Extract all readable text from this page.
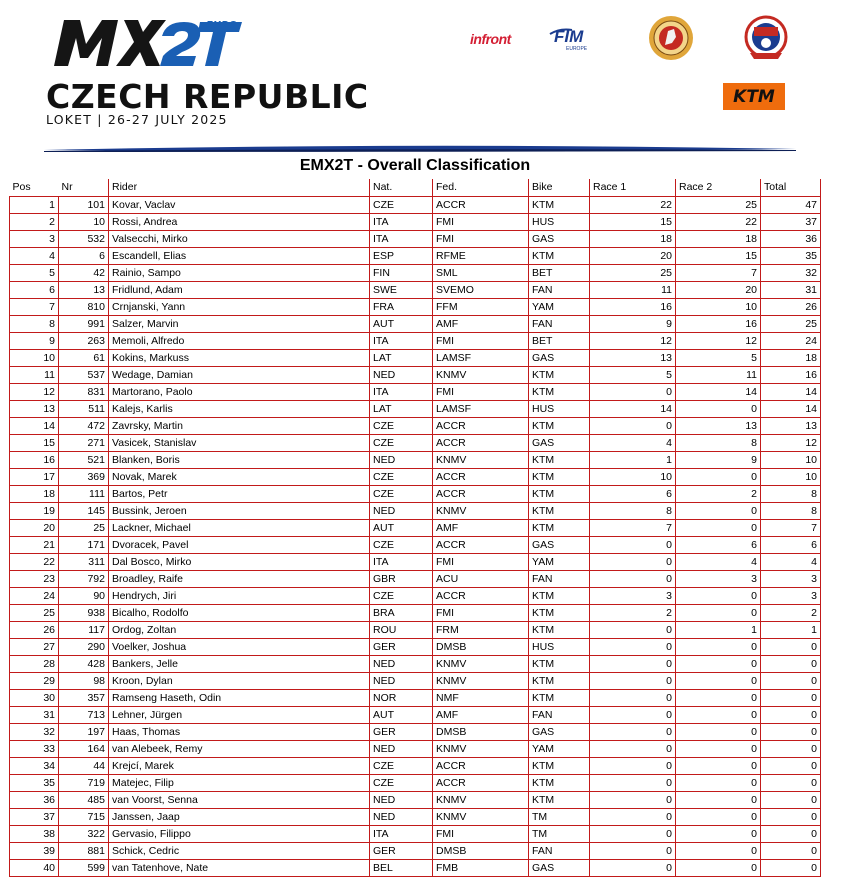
EURO
CZECH REPUBLIC
LOKET | 26-27 JULY 2025
infront	FIM
EUROPE
KTM
EMX2T - Overall Classification
Pos	Nr	Rider	Nat.	Fed.	Bike	Race 1	Race 2	Total
1	101	Kovar, Vaclav	CZE	ACCR	KTM	22	25	47
2	10	Rossi, Andrea	ITA	FMI	HUS	15	22	37
3	532	Valsecchi, Mirko	ITA	FMI	GAS	18	18	36
4	6	Escandell, Elias	ESP	RFME	KTM	20	15	35
5	42	Rainio, Sampo	FIN	SML	BET	25	7	32
6	13	Fridlund, Adam	SWE	SVEMO	FAN	11	20	31
7	810	Crnjanski, Yann	FRA	FFM	YAM	16	10	26
8	991	Salzer, Marvin	AUT	AMF	FAN	9	16	25
9	263	Memoli, Alfredo	ITA	FMI	BET	12	12	24
10	61	Kokins, Markuss	LAT	LAMSF	GAS	13	5	18
11	537	Wedage, Damian	NED	KNMV	KTM	5	11	16
12	831	Martorano, Paolo	ITA	FMI	KTM	0	14	14
13	511	Kalejs, Karlis	LAT	LAMSF	HUS	14	0	14
14	472	Zavrsky, Martin	CZE	ACCR	KTM	0	13	13
15	271	Vasicek, Stanislav	CZE	ACCR	GAS	4	8	12
16	521	Blanken, Boris	NED	KNMV	KTM	1	9	10
17	369	Novak, Marek	CZE	ACCR	KTM	10	0	10
18	111	Bartos, Petr	CZE	ACCR	KTM	6	2	8
19	145	Bussink, Jeroen	NED	KNMV	KTM	8	0	8
20	25	Lackner, Michael	AUT	AMF	KTM	7	0	7
21	171	Dvoracek, Pavel	CZE	ACCR	GAS	0	6	6
22	311	Dal Bosco, Mirko	ITA	FMI	YAM	0	4	4
23	792	Broadley, Raife	GBR	ACU	FAN	0	3	3
24	90	Hendrych, Jiri	CZE	ACCR	KTM	3	0	3
25	938	Bicalho, Rodolfo	BRA	FMI	KTM	2	0	2
26	117	Ordog, Zoltan	ROU	FRM	KTM	0	1	1
27	290	Voelker, Joshua	GER	DMSB	HUS	0	0	0
28	428	Bankers, Jelle	NED	KNMV	KTM	0	0	0
29	98	Kroon, Dylan	NED	KNMV	KTM	0	0	0
30	357	Ramseng Haseth, Odin	NOR	NMF	KTM	0	0	0
31	713	Lehner, Jürgen	AUT	AMF	FAN	0	0	0
32	197	Haas, Thomas	GER	DMSB	GAS	0	0	0
33	164	van Alebeek, Remy	NED	KNMV	YAM	0	0	0
34	44	Krejcí, Marek	CZE	ACCR	KTM	0	0	0
35	719	Matejec, Filip	CZE	ACCR	KTM	0	0	0
36	485	van Voorst, Senna	NED	KNMV	KTM	0	0	0
37	715	Janssen, Jaap	NED	KNMV	TM	0	0	0
38	322	Gervasio, Filippo	ITA	FMI	TM	0	0	0
39	881	Schick, Cedric	GER	DMSB	FAN	0	0	0
40	599	van Tatenhove, Nate	BEL	FMB	GAS	0	0	0
